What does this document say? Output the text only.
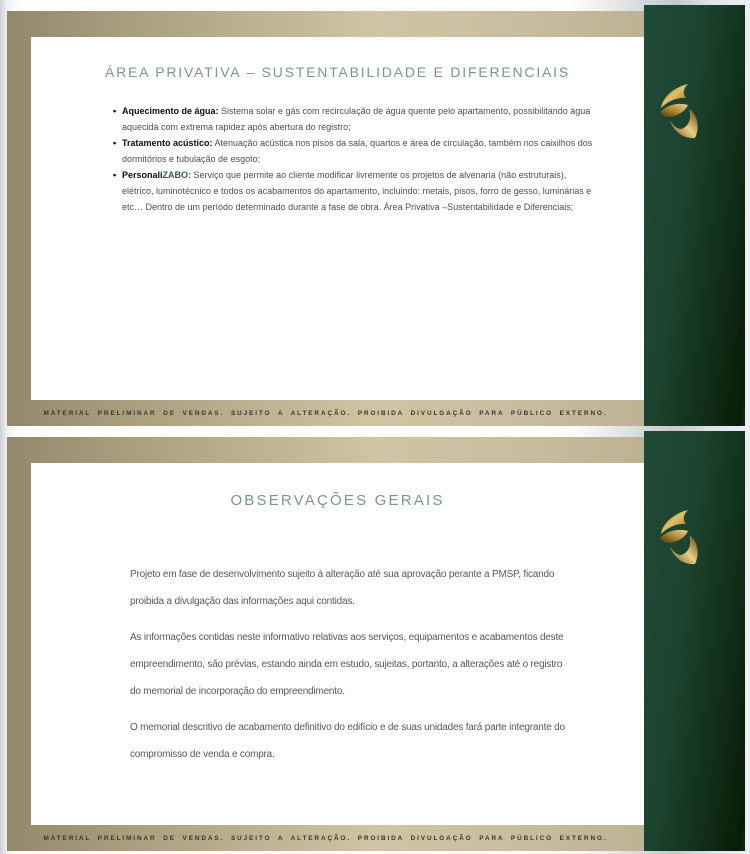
ÁREA PRIVATIVA – SUSTENTABILIDADE E DIFERENCIAIS
• Aquecimento de água: Sistema solar e gás com recirculação de água quente pelo apartamento, possibilitando água aquecida com extrema rapidez após abertura do registro;
• Tratamento acústico: Atenuação acústica nos pisos da sala, quartos e área de circulação, também nos caixilhos dos dormitórios e tubulação de esgoto;
• PersonaliZABO: Serviço que permite ao cliente modificar livremente os projetos de alvenaria (não estruturais), elétrico, luminotécnico e todos os acabamentos do apartamento, incluindo: metais, pisos, forro de gesso, luminárias e etc… Dentro de um período determinado durante a fase de obra. Área Privativa –Sustentabilidade e Diferenciais;
MATERIAL PRELIMINAR DE VENDAS. SUJEITO A ALTERAÇÃO. PROIBIDA DIVULGAÇÃO PARA PÚBLICO EXTERNO.
OBSERVAÇÕES GERAIS

Projeto em fase de desenvolvimento sujeito à alteração até sua aprovação perante a PMSP, ficando proibida a divulgação das informações aqui contidas.

As informações contidas neste informativo relativas aos serviços, equipamentos e acabamentos deste empreendimento, são prévias, estando ainda em estudo, sujeitas, portanto, a alterações até o registro do memorial de incorporação do empreendimento.

O memorial descritivo de acabamento definitivo do edifício e de suas unidades fará parte integrante do compromisso de venda e compra.

MATERIAL PRELIMINAR DE VENDAS. SUJEITO A ALTERAÇÃO. PROIBIDA DIVULGAÇÃO PARA PÚBLICO EXTERNO.
